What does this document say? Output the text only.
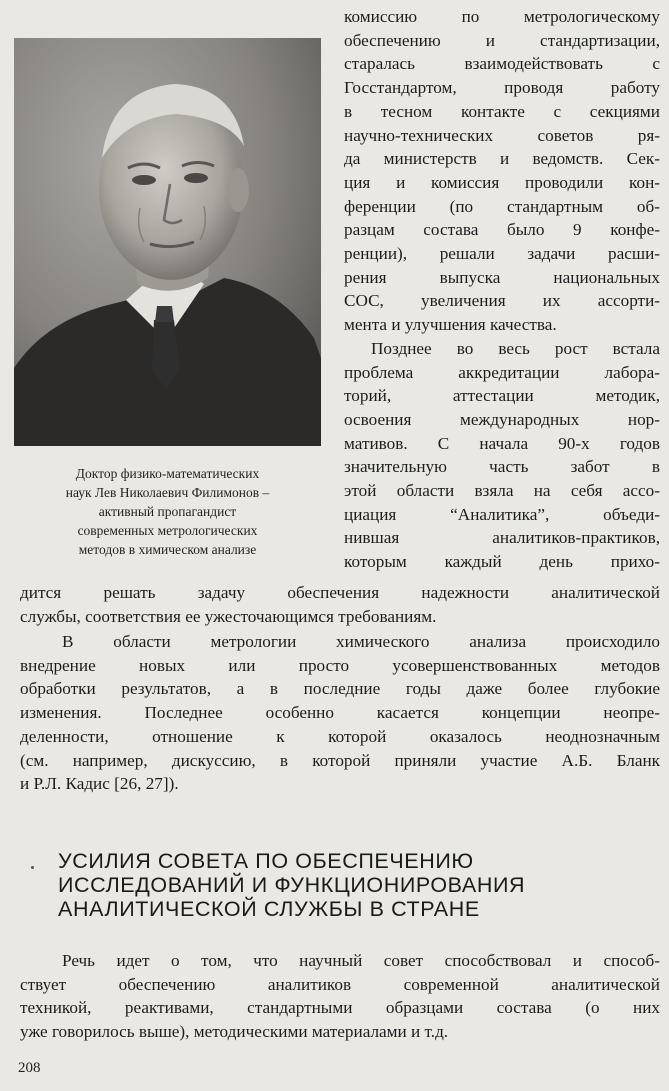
Доктор физико-математических
наук Лев Николаевич Филимонов –
активный пропагандист
современных метрологических
методов в химическом анализе
комиссию по метрологическому
обеспечению и стандартизации,
старалась взаимодействовать с
Госстандартом, проводя работу
в тесном контакте с секциями
научно-технических советов ря-
да министерств и ведомств. Сек-
ция и комиссия проводили кон-
ференции (по стандартным об-
разцам состава было 9 конфе-
ренции), решали задачи расши-
рения выпуска национальных
СОС, увеличения их ассорти-
мента и улучшения качества.
Позднее во весь рост встала
проблема аккредитации лабора-
торий, аттестации методик,
освоения международных нор-
мативов. С начала 90-х годов
значительную часть забот в
этой области взяла на себя ассо-
циация “Аналитика”, объеди-
нившая аналитиков-практиков,
которым каждый день прихо-
дится решать задачу обеспечения надежности аналитической
службы, соответствия ее ужесточающимся требованиям.
В области метрологии химического анализа происходило
внедрение новых или просто усовершенствованных методов
обработки результатов, а в последние годы даже более глубокие
изменения. Последнее особенно касается концепции неопре-
деленности, отношение к которой оказалось неоднозначным
(см. например, дискуссию, в которой приняли участие А.Б. Бланк
и Р.Л. Кадис [26, 27]).
УСИЛИЯ СОВЕТА ПО ОБЕСПЕЧЕНИЮ
ИССЛЕДОВАНИЙ И ФУНКЦИОНИРОВАНИЯ
АНАЛИТИЧЕСКОЙ СЛУЖБЫ В СТРАНЕ
Речь идет о том, что научный совет способствовал и способ-
ствует обеспечению аналитиков современной аналитической
техникой, реактивами, стандартными образцами состава (о них
уже говорилось выше), методическими материалами и т.д.
208
